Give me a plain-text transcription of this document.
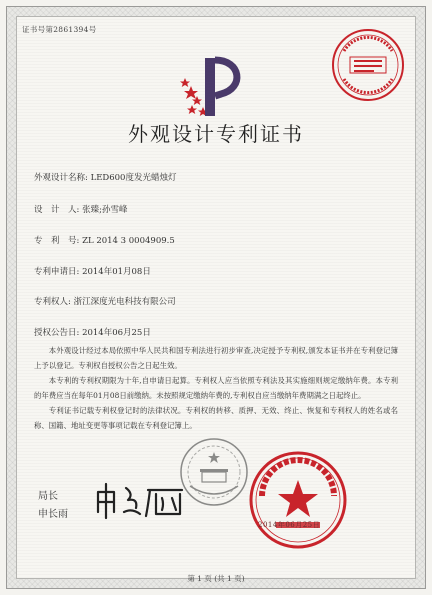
证书号第2861394号
外观设计专利证书
外观设计名称: LED600度发光蜡烛灯
设　计　人: 张臻;孙雪峰
专　利　号: ZL 2014 3 0004909.5
专利申请日: 2014年01月08日
专利权人: 浙江深度光电科技有限公司
授权公告日: 2014年06月25日

本外观设计经过本局依照中华人民共和国专利法进行初步审查,决定授予专利权,颁发本证书并在专利登记簿上予以登记。专利权自授权公告之日起生效。

本专利的专利权期限为十年,自申请日起算。专利权人应当依照专利法及其实施细则规定缴纳年费。本专利的年费应当在每年01月08日前缴纳。未按照规定缴纳年费的,专利权自应当缴纳年费期满之日起终止。

专利证书记载专利权登记时的法律状况。专利权的转移、质押、无效、终止、恢复和专利权人的姓名或名称、国籍、地址变更等事项记载在专利登记簿上。

局长
申长雨
2014年06月25日
第 1 页 (共 1 页)
